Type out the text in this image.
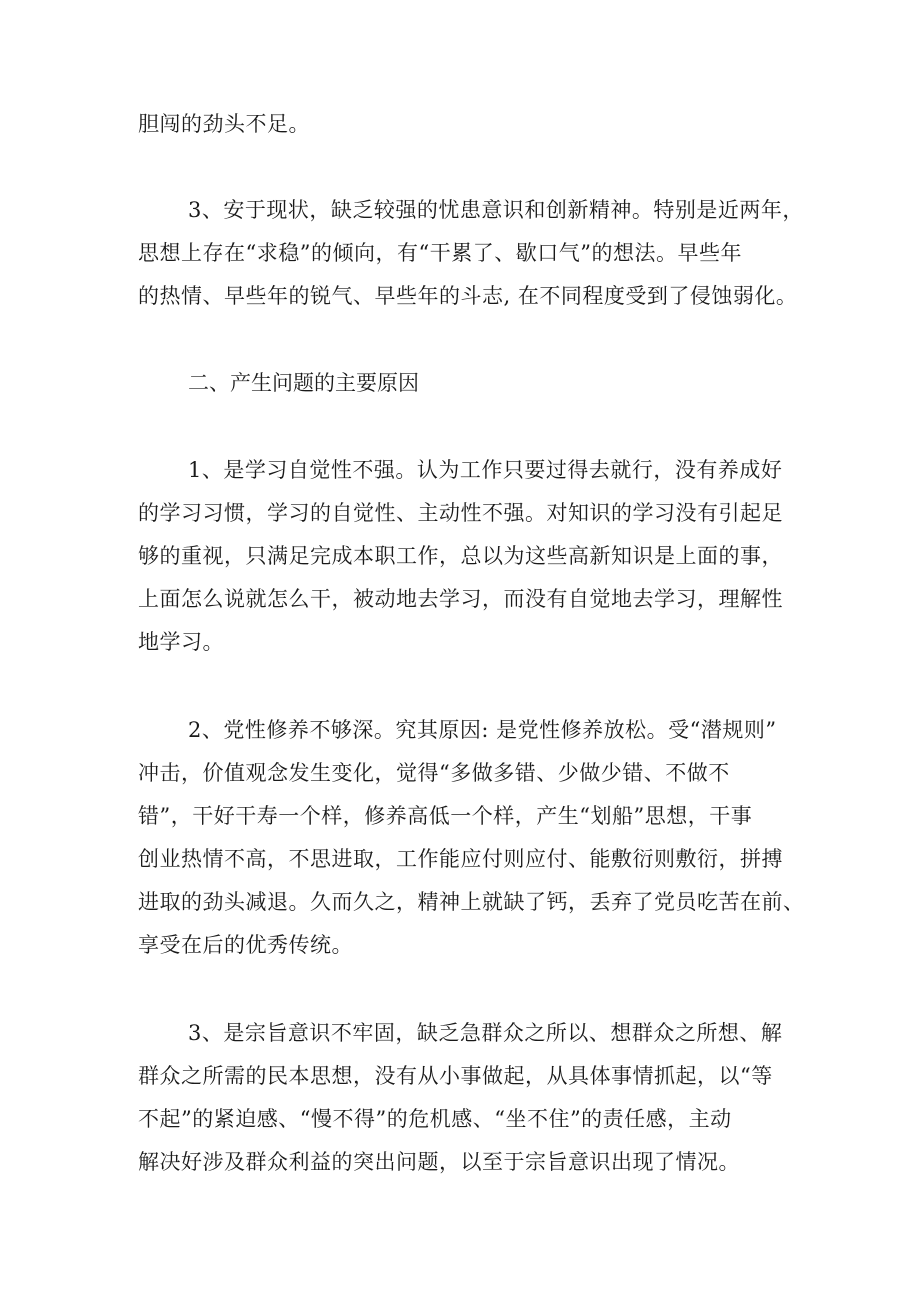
胆闯的劲头不足。
3、安于现状，缺乏较强的忧患意识和创新精神。特别是近两年，
思想上存在“求稳”的倾向，有“干累了、歇口气”的想法。早些年
的热情、早些年的锐气、早些年的斗志, 在不同程度受到了侵蚀弱化。
二、产生问题的主要原因
1、是学习自觉性不强。认为工作只要过得去就行，没有养成好
的学习习惯，学习的自觉性、主动性不强。对知识的学习没有引起足
够的重视，只满足完成本职工作，总以为这些高新知识是上面的事，
上面怎么说就怎么干，被动地去学习，而没有自觉地去学习，理解性
地学习。
2、党性修养不够深。究其原因: 是党性修养放松。受“潜规则”
冲击，价值观念发生变化，觉得“多做多错、少做少错、不做不
错”，干好干寿一个样，修养高低一个样，产生“划船”思想，干事
创业热情不高，不思进取，工作能应付则应付、能敷衍则敷衍，拼搏
进取的劲头减退。久而久之，精神上就缺了钙，丢弃了党员吃苦在前、
享受在后的优秀传统。
3、是宗旨意识不牢固，缺乏急群众之所以、想群众之所想、解
群众之所需的民本思想，没有从小事做起，从具体事情抓起，以“等
不起”的紧迫感、“慢不得”的危机感、“坐不住”的责任感，主动
解决好涉及群众利益的突出问题，以至于宗旨意识出现了情况。
